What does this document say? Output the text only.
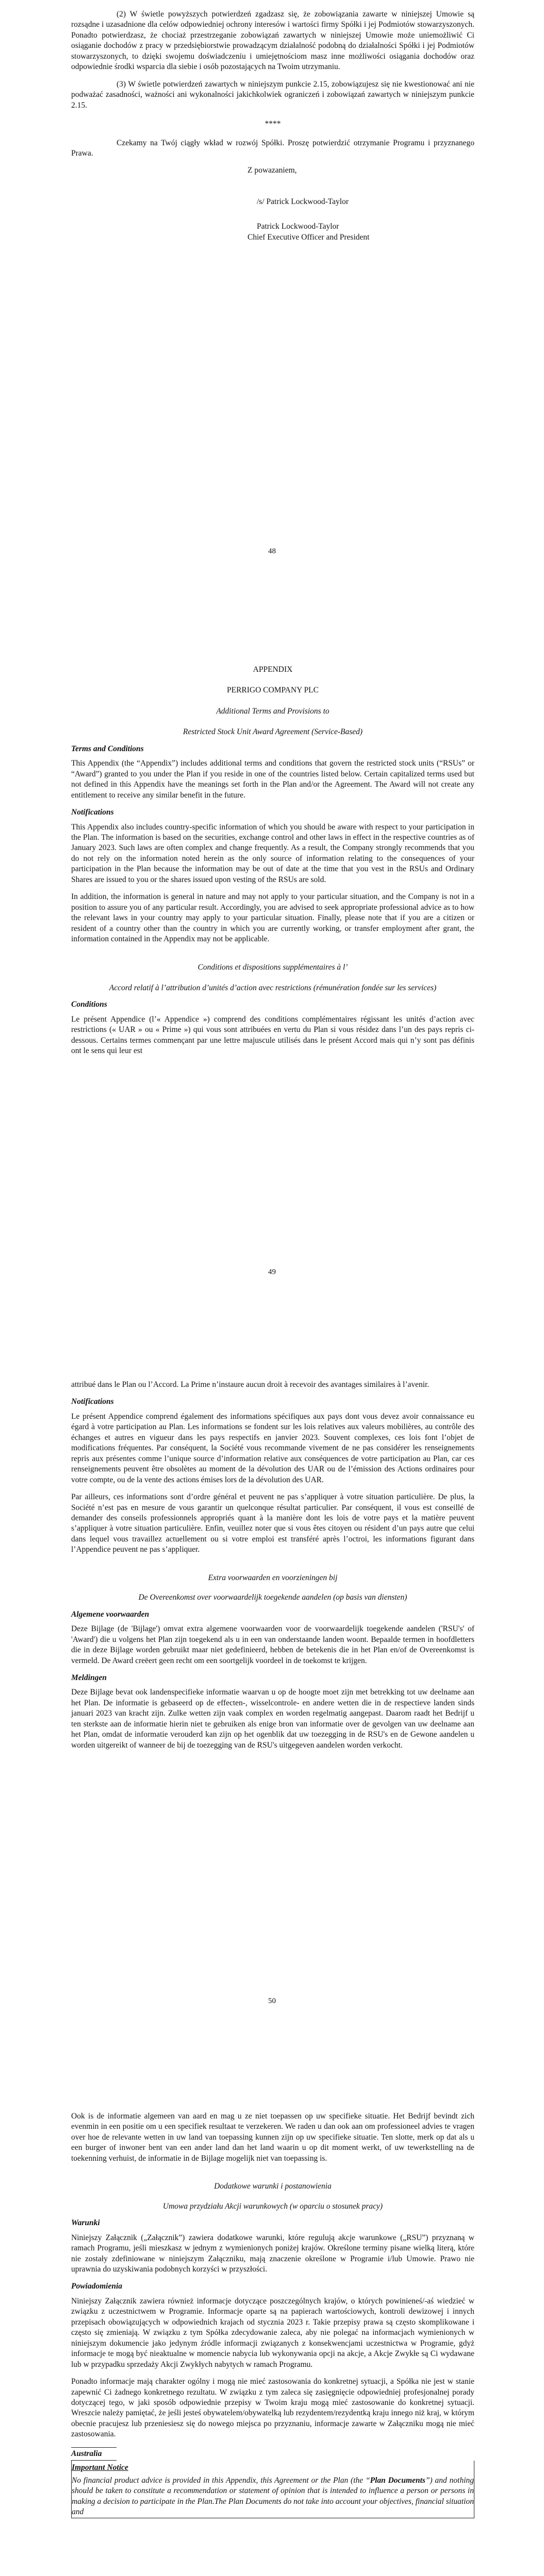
(2) W świetle powyższych potwierdzeń zgadzasz się, że zobowiązania zawarte w niniejszej Umowie są rozsądne i uzasadnione dla celów odpowiedniej ochrony interesów i wartości firmy Spółki i jej Podmiotów stowarzyszonych. Ponadto potwierdzasz, że chociaż przestrzeganie zobowiązań zawartych w niniejszej Umowie może uniemożliwić Ci osiąganie dochodów z pracy w przedsiębiorstwie prowadzącym działalność podobną do działalności Spółki i jej Podmiotów stowarzyszonych, to dzięki swojemu doświadczeniu i umiejętnościom masz inne możliwości osiągania dochodów oraz odpowiednie środki wsparcia dla siebie i osób pozostających na Twoim utrzymaniu.

(3) W świetle potwierdzeń zawartych w niniejszym punkcie 2.15, zobowiązujesz się nie kwestionować ani nie podważać zasadności, ważności ani wykonalności jakichkolwiek ograniczeń i zobowiązań zawartych w niniejszym punkcie 2.15.

****

Czekamy na Twój ciągły wkład w rozwój Spółki. Proszę potwierdzić otrzymanie Programu i przyznanego Prawa.

Z powazaniem,
/s/ Patrick Lockwood-Taylor
Patrick Lockwood-Taylor
Chief Executive Officer and President
48

APPENDIX

PERRIGO COMPANY PLC

Additional Terms and Provisions to

Restricted Stock Unit Award Agreement (Service-Based)

Terms and Conditions

This Appendix (the “Appendix”) includes additional terms and conditions that govern the restricted stock units (“RSUs” or “Award”) granted to you under the Plan if you reside in one of the countries listed below. Certain capitalized terms used but not defined in this Appendix have the meanings set forth in the Plan and/or the Agreement. The Award will not create any entitlement to receive any similar benefit in the future.

Notifications

This Appendix also includes country-specific information of which you should be aware with respect to your participation in the Plan. The information is based on the securities, exchange control and other laws in effect in the respective countries as of January 2023. Such laws are often complex and change frequently. As a result, the Company strongly recommends that you do not rely on the information noted herein as the only source of information relating to the consequences of your participation in the Plan because the information may be out of date at the time that you vest in the RSUs and Ordinary Shares are issued to you or the shares issued upon vesting of the RSUs are sold.

In addition, the information is general in nature and may not apply to your particular situation, and the Company is not in a position to assure you of any particular result. Accordingly, you are advised to seek appropriate professional advice as to how the relevant laws in your country may apply to your particular situation. Finally, please note that if you are a citizen or resident of a country other than the country in which you are currently working, or transfer employment after grant, the information contained in the Appendix may not be applicable.

Conditions et dispositions supplémentaires à l’

Accord relatif à l’attribution d’unités d’action avec restrictions (rémunération fondée sur les services)

Conditions

Le présent Appendice (l’« Appendice ») comprend des conditions complémentaires régissant les unités d’action avec restrictions (« UAR » ou « Prime ») qui vous sont attribuées en vertu du Plan si vous résidez dans l’un des pays repris ci-dessous. Certains termes commençant par une lettre majuscule utilisés dans le présent Accord mais qui n’y sont pas définis ont le sens qui leur est

49

attribué dans le Plan ou l’Accord. La Prime n’instaure aucun droit à recevoir des avantages similaires à l’avenir.

Notifications

Le présent Appendice comprend également des informations spécifiques aux pays dont vous devez avoir connaissance eu égard à votre participation au Plan. Les informations se fondent sur les lois relatives aux valeurs mobilières, au contrôle des échanges et autres en vigueur dans les pays respectifs en janvier 2023. Souvent complexes, ces lois font l’objet de modifications fréquentes. Par conséquent, la Société vous recommande vivement de ne pas considérer les renseignements repris aux présentes comme l’unique source d’information relative aux conséquences de votre participation au Plan, car ces renseignements peuvent être obsolètes au moment de la dévolution des UAR ou de l’émission des Actions ordinaires pour votre compte, ou de la vente des actions émises lors de la dévolution des UAR.

Par ailleurs, ces informations sont d’ordre général et peuvent ne pas s’appliquer à votre situation particulière. De plus, la Société n’est pas en mesure de vous garantir un quelconque résultat particulier. Par conséquent, il vous est conseillé de demander des conseils professionnels appropriés quant à la manière dont les lois de votre pays et la matière peuvent s’appliquer à votre situation particulière. Enfin, veuillez noter que si vous êtes citoyen ou résident d’un pays autre que celui dans lequel vous travaillez actuellement ou si votre emploi est transféré après l’octroi, les informations figurant dans l’Appendice peuvent ne pas s’appliquer.

Extra voorwaarden en voorzieningen bij

De Overeenkomst over voorwaardelijk toegekende aandelen (op basis van diensten)

Algemene voorwaarden

Deze Bijlage (de 'Bijlage') omvat extra algemene voorwaarden voor de voorwaardelijk toegekende aandelen ('RSU's' of 'Award') die u volgens het Plan zijn toegekend als u in een van onderstaande landen woont. Bepaalde termen in hoofdletters die in deze Bijlage worden gebruikt maar niet gedefinieerd, hebben de betekenis die in het Plan en/of de Overeenkomst is vermeld. De Award creëert geen recht om een soortgelijk voordeel in de toekomst te krijgen.

Meldingen

Deze Bijlage bevat ook landenspecifieke informatie waarvan u op de hoogte moet zijn met betrekking tot uw deelname aan het Plan. De informatie is gebaseerd op de effecten-, wisselcontrole- en andere wetten die in de respectieve landen sinds januari 2023 van kracht zijn. Zulke wetten zijn vaak complex en worden regelmatig aangepast. Daarom raadt het Bedrijf u ten sterkste aan de informatie hierin niet te gebruiken als enige bron van informatie over de gevolgen van uw deelname aan het Plan, omdat de informatie verouderd kan zijn op het ogenblik dat uw toezegging in de RSU's en de Gewone aandelen u worden uitgereikt of wanneer de bij de toezegging van de RSU's uitgegeven aandelen worden verkocht.

50

Ook is de informatie algemeen van aard en mag u ze niet toepassen op uw specifieke situatie. Het Bedrijf bevindt zich evenmin in een positie om u een specifiek resultaat te verzekeren. We raden u dan ook aan om professioneel advies te vragen over hoe de relevante wetten in uw land van toepassing kunnen zijn op uw specifieke situatie. Ten slotte, merk op dat als u een burger of inwoner bent van een ander land dan het land waarin u op dit moment werkt, of uw tewerkstelling na de toekenning verhuist, de informatie in de Bijlage mogelijk niet van toepassing is.

Dodatkowe warunki i postanowienia

Umowa przydziału Akcji warunkowych (w oparciu o stosunek pracy)

Warunki

Niniejszy Załącznik („Załącznik”) zawiera dodatkowe warunki, które regulują akcje warunkowe („RSU”) przyznaną w ramach Programu, jeśli mieszkasz w jednym z wymienionych poniżej krajów. Określone terminy pisane wielką literą, które nie zostały zdefiniowane w niniejszym Załączniku, mają znaczenie określone w Programie i/lub Umowie. Prawo nie uprawnia do uzyskiwania podobnych korzyści w przyszłości.

Powiadomienia

Niniejszy Załącznik zawiera również informacje dotyczące poszczególnych krajów, o których powinieneś/-aś wiedzieć w związku z uczestnictwem w Programie. Informacje oparte są na papierach wartościowych, kontroli dewizowej i innych przepisach obowiązujących w odpowiednich krajach od stycznia 2023 r. Takie przepisy prawa są często skomplikowane i często się zmieniają. W związku z tym Spółka zdecydowanie zaleca, aby nie polegać na informacjach wymienionych w niniejszym dokumencie jako jedynym źródle informacji związanych z konsekwencjami uczestnictwa w Programie, gdyż informacje te mogą być nieaktualne w momencie nabycia lub wykonywania opcji na akcje, a Akcje Zwykłe są Ci wydawane lub w przypadku sprzedaży Akcji Zwykłych nabytych w ramach Programu.

Ponadto informacje mają charakter ogólny i mogą nie mieć zastosowania do konkretnej sytuacji, a Spółka nie jest w stanie zapewnić Ci żadnego konkretnego rezultatu. W związku z tym zaleca się zasięgnięcie odpowiedniej profesjonalnej porady dotyczącej tego, w jaki sposób odpowiednie przepisy w Twoim kraju mogą mieć zastosowanie do konkretnej sytuacji. Wreszcie należy pamiętać, że jeśli jesteś obywatelem/obywatelką lub rezydentem/rezydentką kraju innego niż kraj, w którym obecnie pracujesz lub przeniesiesz się do nowego miejsca po przyznaniu, informacje zawarte w Załączniku mogą nie mieć zastosowania.

Australia
Important Notice
No financial product advice is provided in this Appendix, this Agreement or the Plan (the “Plan Documents”) and nothing should be taken to constitute a recommendation or statement of opinion that is intended to influence a person or persons in making a decision to participate in the Plan.The Plan Documents do not take into account your objectives, financial situation and
